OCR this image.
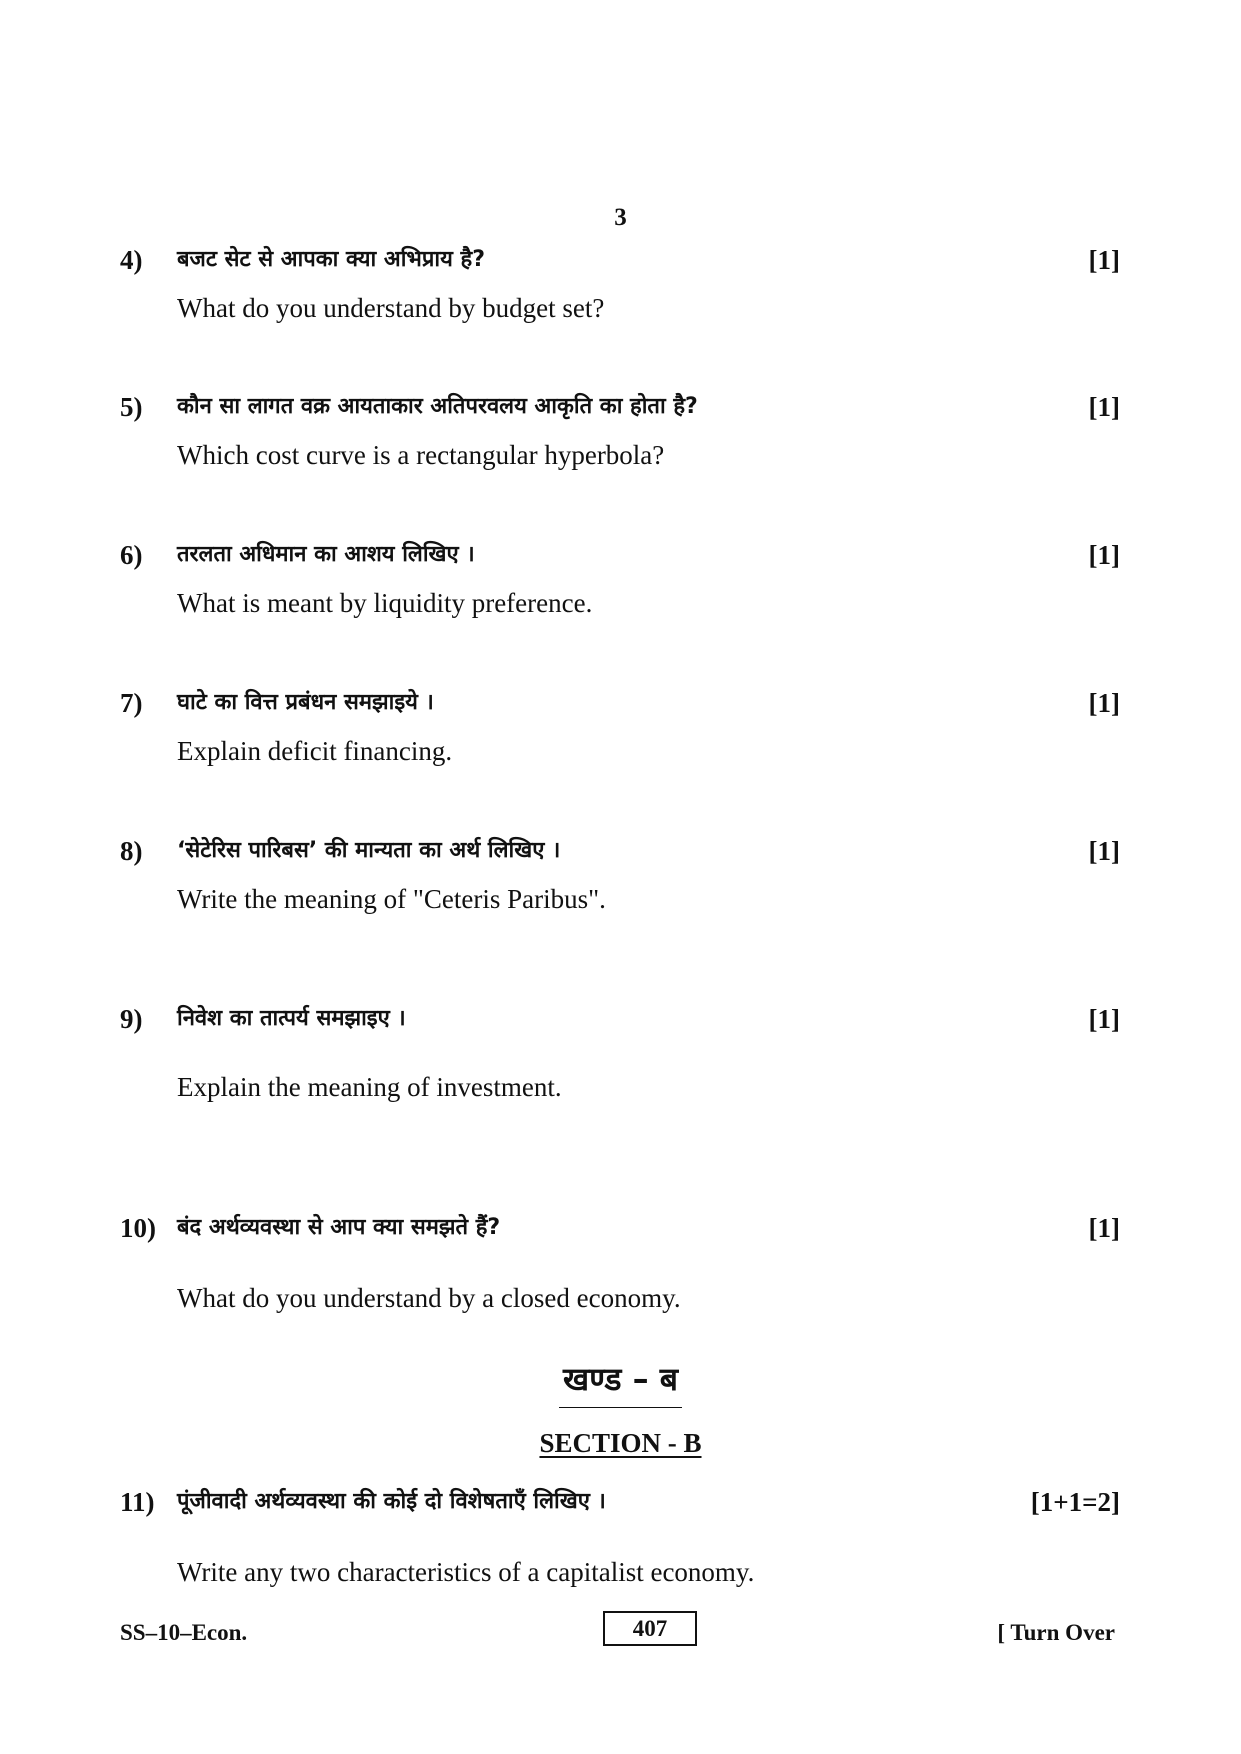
3
4) बजट सेट से आपका क्या अभिप्राय है?	[1]
What do you understand by budget set?
5) कौन सा लागत वक्र आयताकार अतिपरवलय आकृति का होता है?	[1]
Which cost curve is a rectangular hyperbola?
6) तरलता अधिमान का आशय लिखिए ।	[1]
What is meant by liquidity preference.
7) घाटे का वित्त प्रबंधन समझाइये ।	[1]
Explain deficit financing.
8) ‘सेटेरिस पारिबस’ की मान्यता का अर्थ लिखिए ।	[1]
Write the meaning of "Ceteris Paribus".
9) निवेश का तात्पर्य समझाइए ।	[1]
Explain the meaning of investment.
10) बंद अर्थव्यवस्था से आप क्या समझते हैं?	[1]
What do you understand by a closed economy.
खण्ड – ब
SECTION - B
11) पूंजीवादी अर्थव्यवस्था की कोई दो विशेषताएँ लिखिए ।	[1+1=2]
Write any two characteristics of a capitalist economy.
SS–10–Econ.	407	[ Turn Over
